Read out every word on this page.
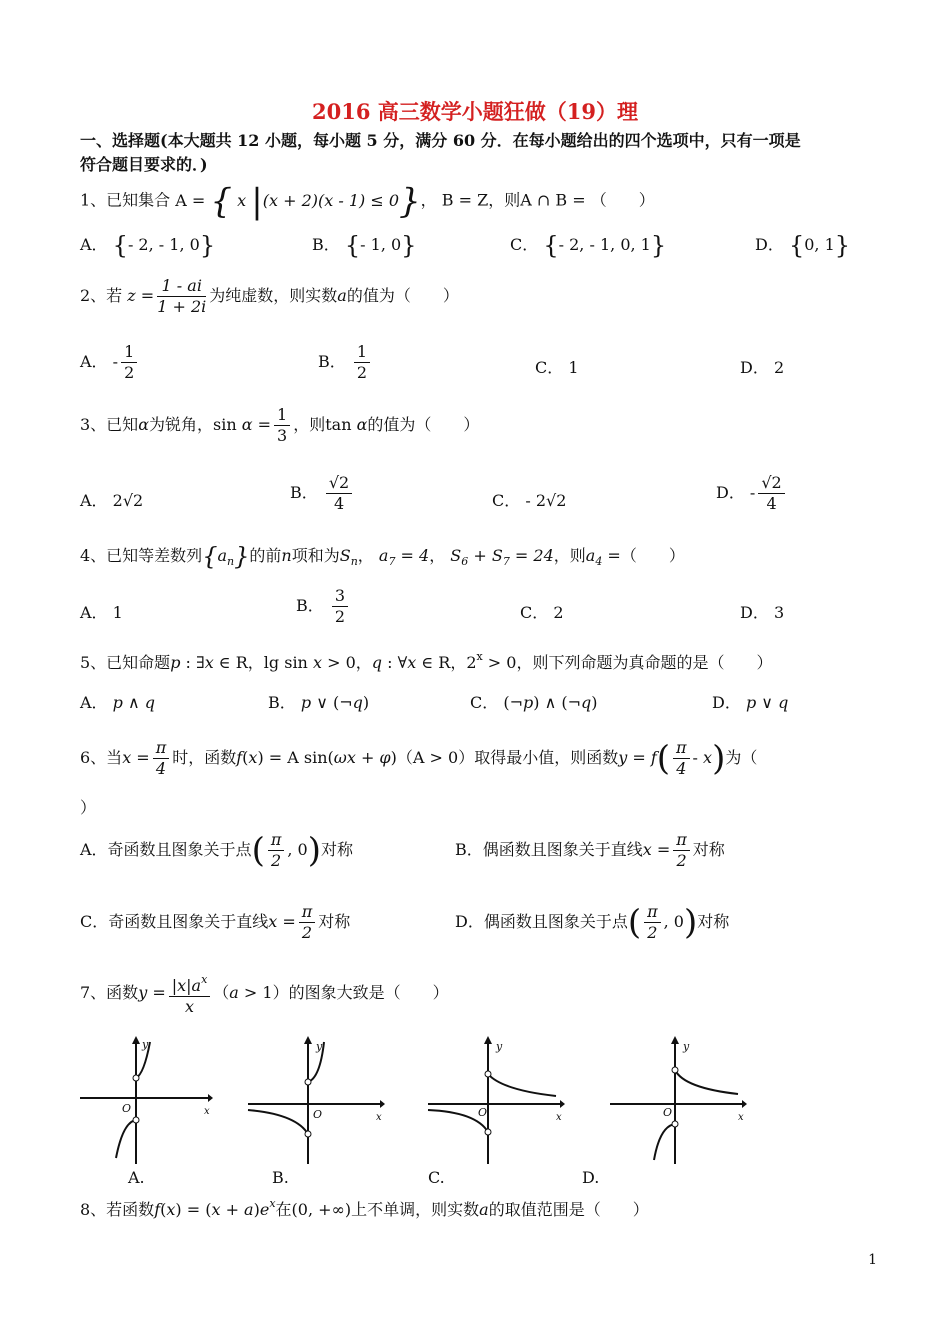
2016 高三数学小题狂做（19）理
一、选择题(本大题共 12 小题，每小题 5 分，满分 60 分．在每小题给出的四个选项中，只有一项是
符合题目要求的．)
1、已知集合 A = { x |(x + 2)(x - 1) ≤ 0}， B = Z，则A ∩ B = （　　）
A． {- 2, - 1, 0}	B． {- 1, 0}	C． {- 2, - 1, 0, 1}	D． {0, 1}
2、若 $z = \frac{1 - ai}{1 + 2i}$ 为纯虚数，则实数a的值为（　　）
A． - $\frac{1}{2}$	B． $\frac{1}{2}$	C． 1	D． 2
3、已知α为锐角，$\sin \alpha = \frac{1}{3}$ ，则tan α的值为（　　）
A． 2√2	B． $\frac{√2}{4}$	C． - 2√2	D． - $\frac{√2}{4}$
4、已知等差数列$\{a_n\}$的前n项和为$S_n$， $a_7 = 4$， $S_6 + S_7 = 24$，则$a_4$ =（　　）
A． 1	B． $\frac{3}{2}$	C． 2	D． 3
5、已知命题p : ∃x ∈ R，lg sin x > 0，q : ∀x ∈ R，$2^x > 0$，则下列命题为真命题的是（　　）
A． p ∧ q	B． p ∨ (¬q)	C． (¬p) ∧ (¬q)	D． p ∨ q
6、当$x = \frac{\pi}{4}$ 时，函数f(x) = A sin(ωx + φ)（A > 0）取得最小值，则函数$y = f( \frac{\pi}{4} - x)$为（
）
A．奇函数且图象关于点( $\frac{\pi}{2}$ , 0)对称	B．偶函数且图象关于直线$x = \frac{\pi}{2}$ 对称
C．奇函数且图象关于直线$x = \frac{\pi}{2}$ 对称	D．偶函数且图象关于点( $\frac{\pi}{2}$ , 0)对称
7、函数$y = \frac{|x|a^x}{x} (a > 1)$的图象大致是（　　）
y
O	x
y
O	x
y
O	x
y
O	x
A.	B.	C.	D.
8、若函数$f(x) = (x + a)e^x$在(0, +∞)上不单调，则实数a的取值范围是（　　）
1
